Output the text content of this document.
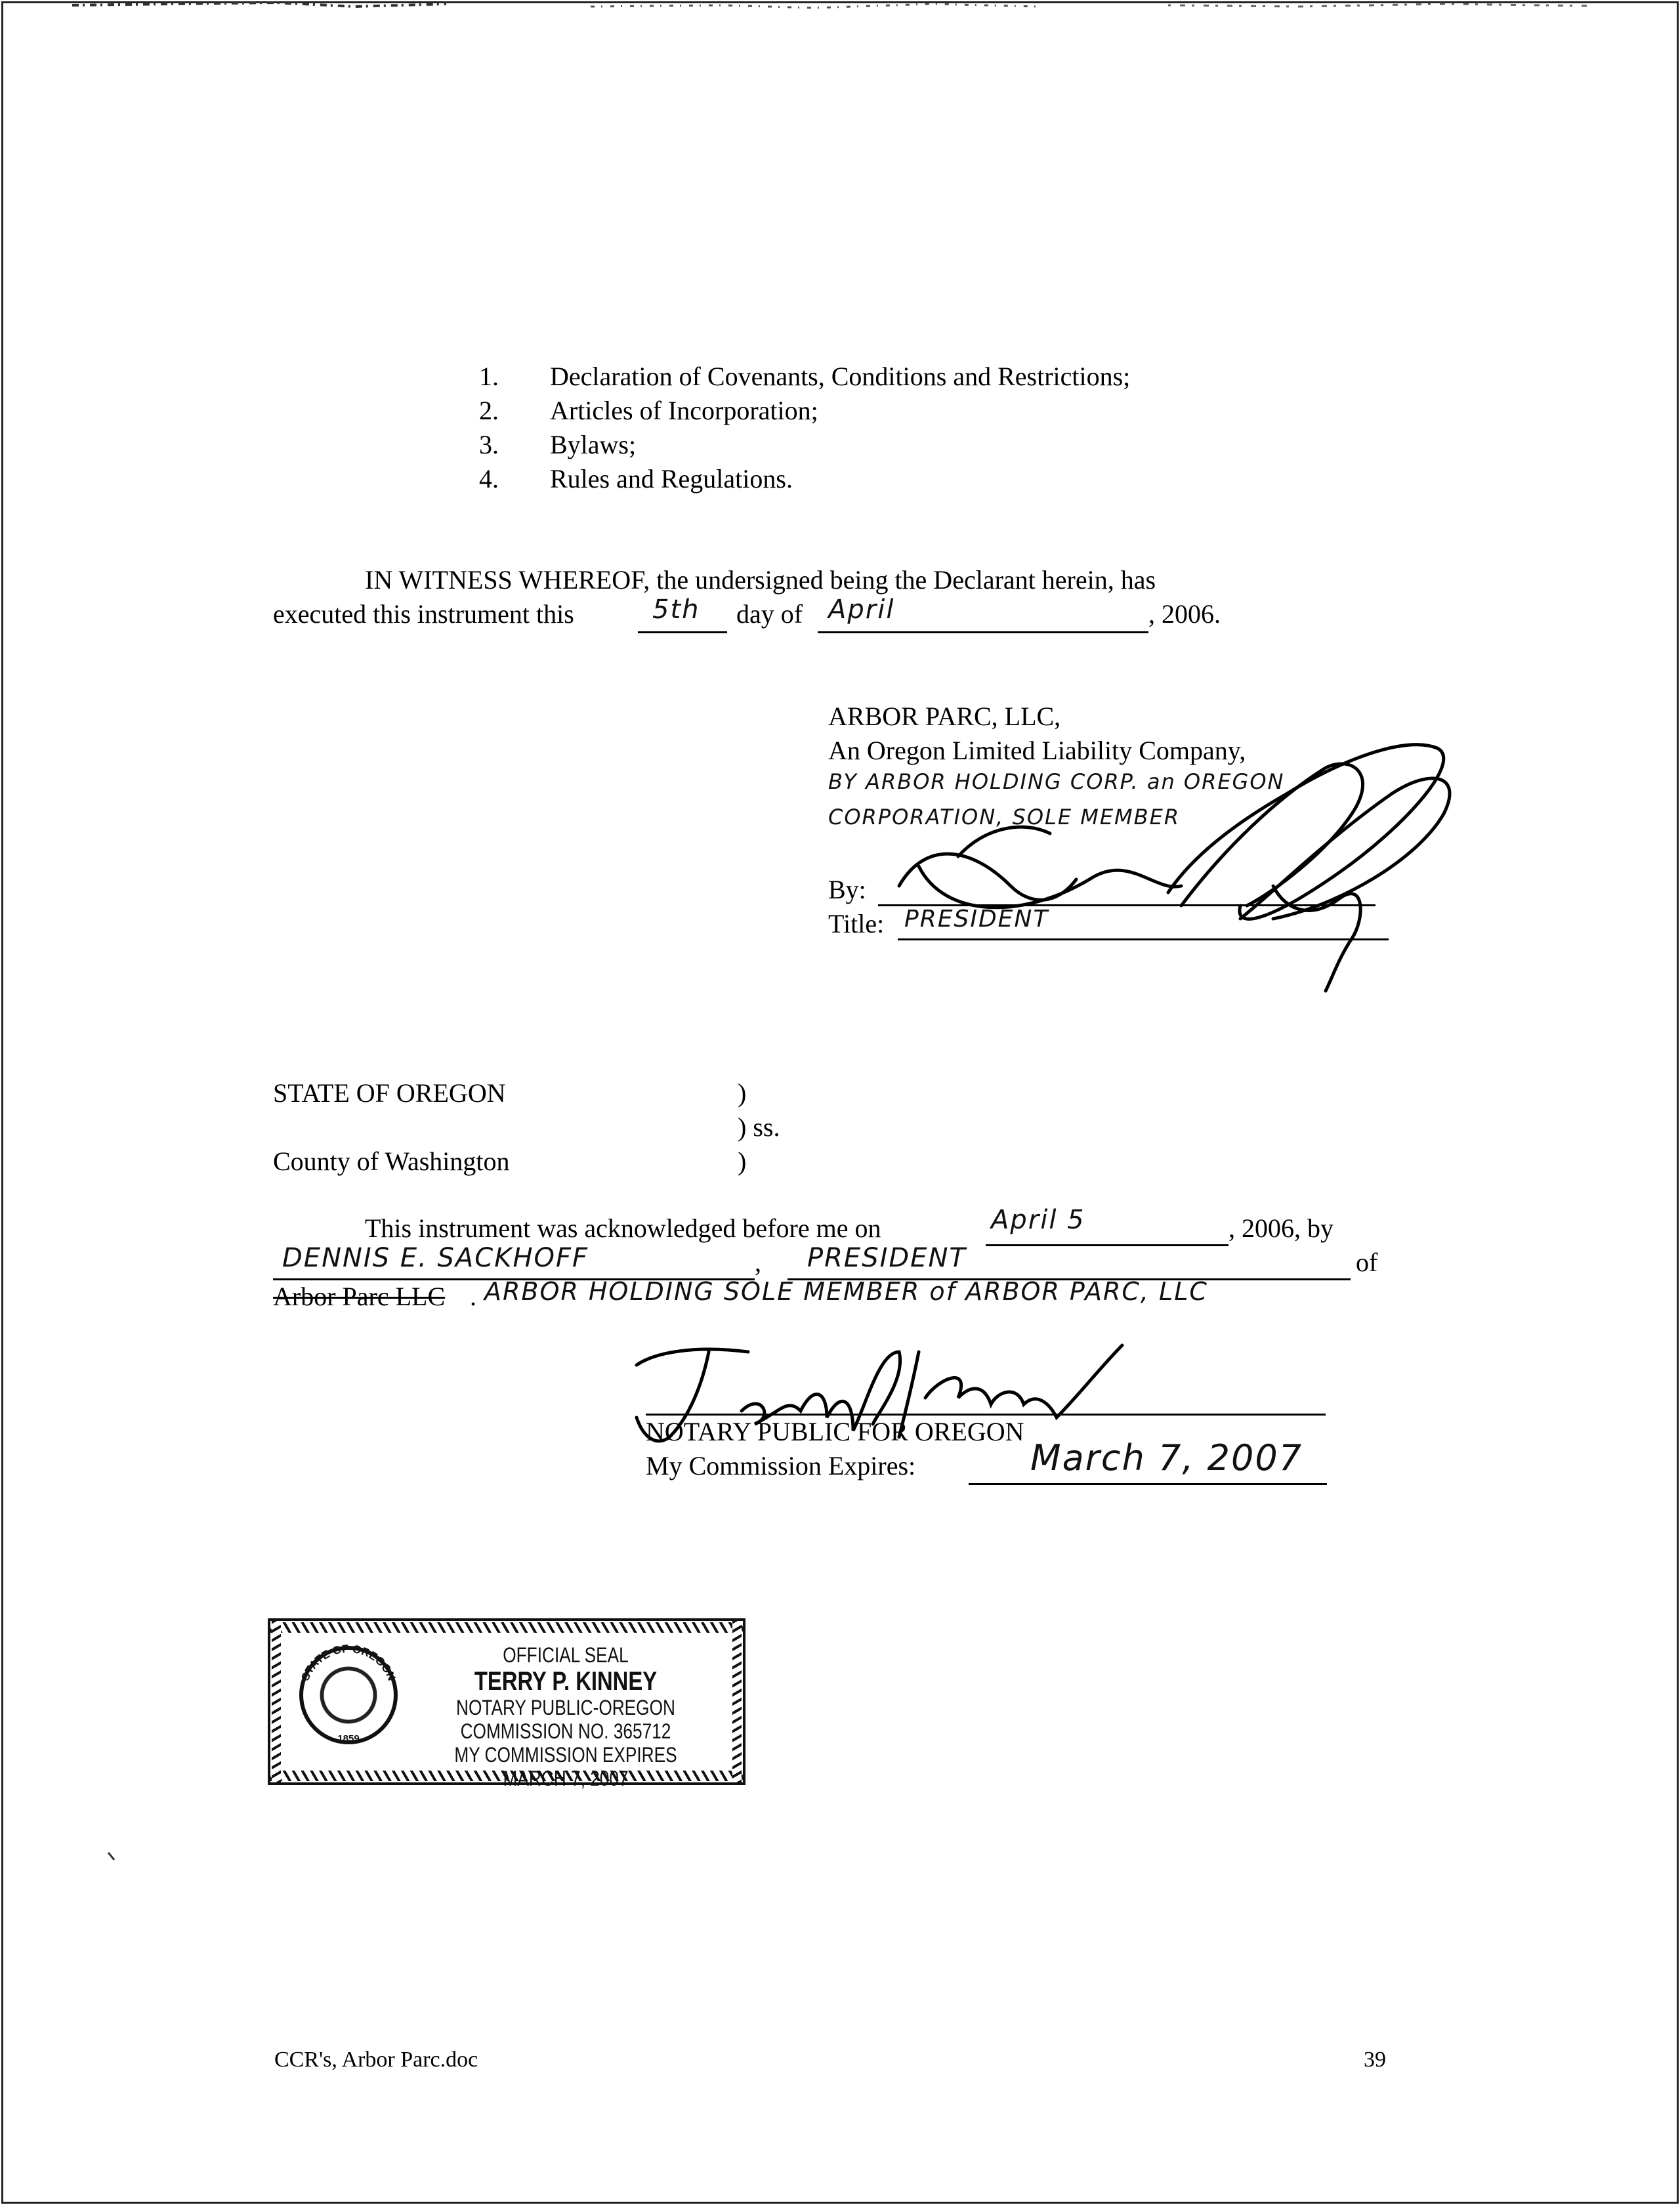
1. Declaration of Covenants, Conditions and Restrictions;
2. Articles of Incorporation;
3. Bylaws;
4. Rules and Regulations.
IN WITNESS WHEREOF, the undersigned being the Declarant herein, has
executed this instrument this	5th day of April	, 2006.
ARBOR PARC, LLC,
An Oregon Limited Liability Company,
BY ARBOR HOLDING CORP. an OREGON
CORPORATION, SOLE MEMBER
By:
Title: PRESIDENT
STATE OF OREGON	)
) ss.
)
County of Washington
This instrument was acknowledged before me on	April 5	, 2006, by
DENNIS E. SACKHOFF	, PRESIDENT	of
Arbor Parc LLC . ARBOR HOLDING SOLE MEMBER of ARBOR PARC, LLC
NOTARY PUBLIC FOR OREGON
My Commission Expires:	March 7, 2007
STATE OF OREGON
1859
OFFICIAL SEAL
TERRY P. KINNEY
NOTARY PUBLIC-OREGON
COMMISSION NO. 365712
MY COMMISSION EXPIRES MARCH 7, 2007
CCR's, Arbor Parc.doc	39
